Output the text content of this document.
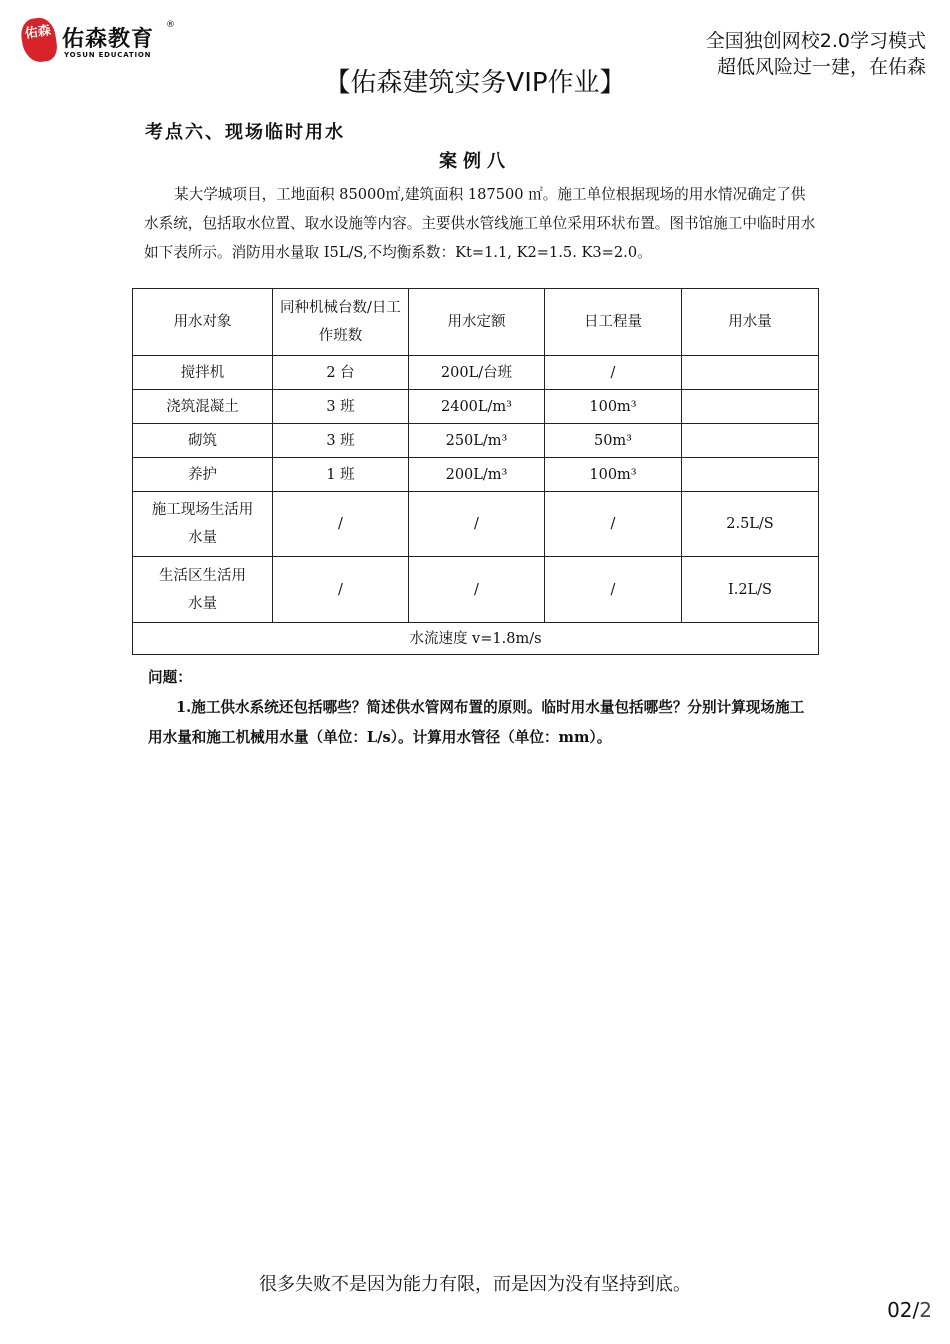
佑森 佑森教育
®
YOSUN EDUCATION
全国独创网校2.0学习模式
超低风险过一建，在佑森
【佑森建筑实务VIP作业】
考点六、现场临时用水
案例八

某大学城项目，工地面积 85000㎡,建筑面积 187500 ㎡。施工单位根据现场的用水情况确定了供水系统，包括取水位置、取水设施等内容。主要供水管线施工单位采用环状布置。图书馆施工中临时用水如下表所示。消防用水量取 I5L/S,不均衡系数：Kt=1.1, K2=1.5. K3=2.0。

用水对象	同种机械台数/日工作班数	用水定额	日工程量	用水量
搅拌机	2 台	200L/台班	/	
浇筑混凝土	3 班	2400L/m³	100m³	
砌筑	3 班	250L/m³	50m³	
养护	1 班	200L/m³	100m³	
施工现场生活用水量	/	/	/	2.5L/S
生活区生活用水量	/	/	/	I.2L/S
水流速度 v=1.8m/s				
问题：

1.施工供水系统还包括哪些？简述供水管网布置的原则。临时用水量包括哪些？分别计算现场施工用水量和施工机械用水量（单位：L/s）。计算用水管径（单位：mm）。

很多失败不是因为能力有限，而是因为没有坚持到底。
02/2
